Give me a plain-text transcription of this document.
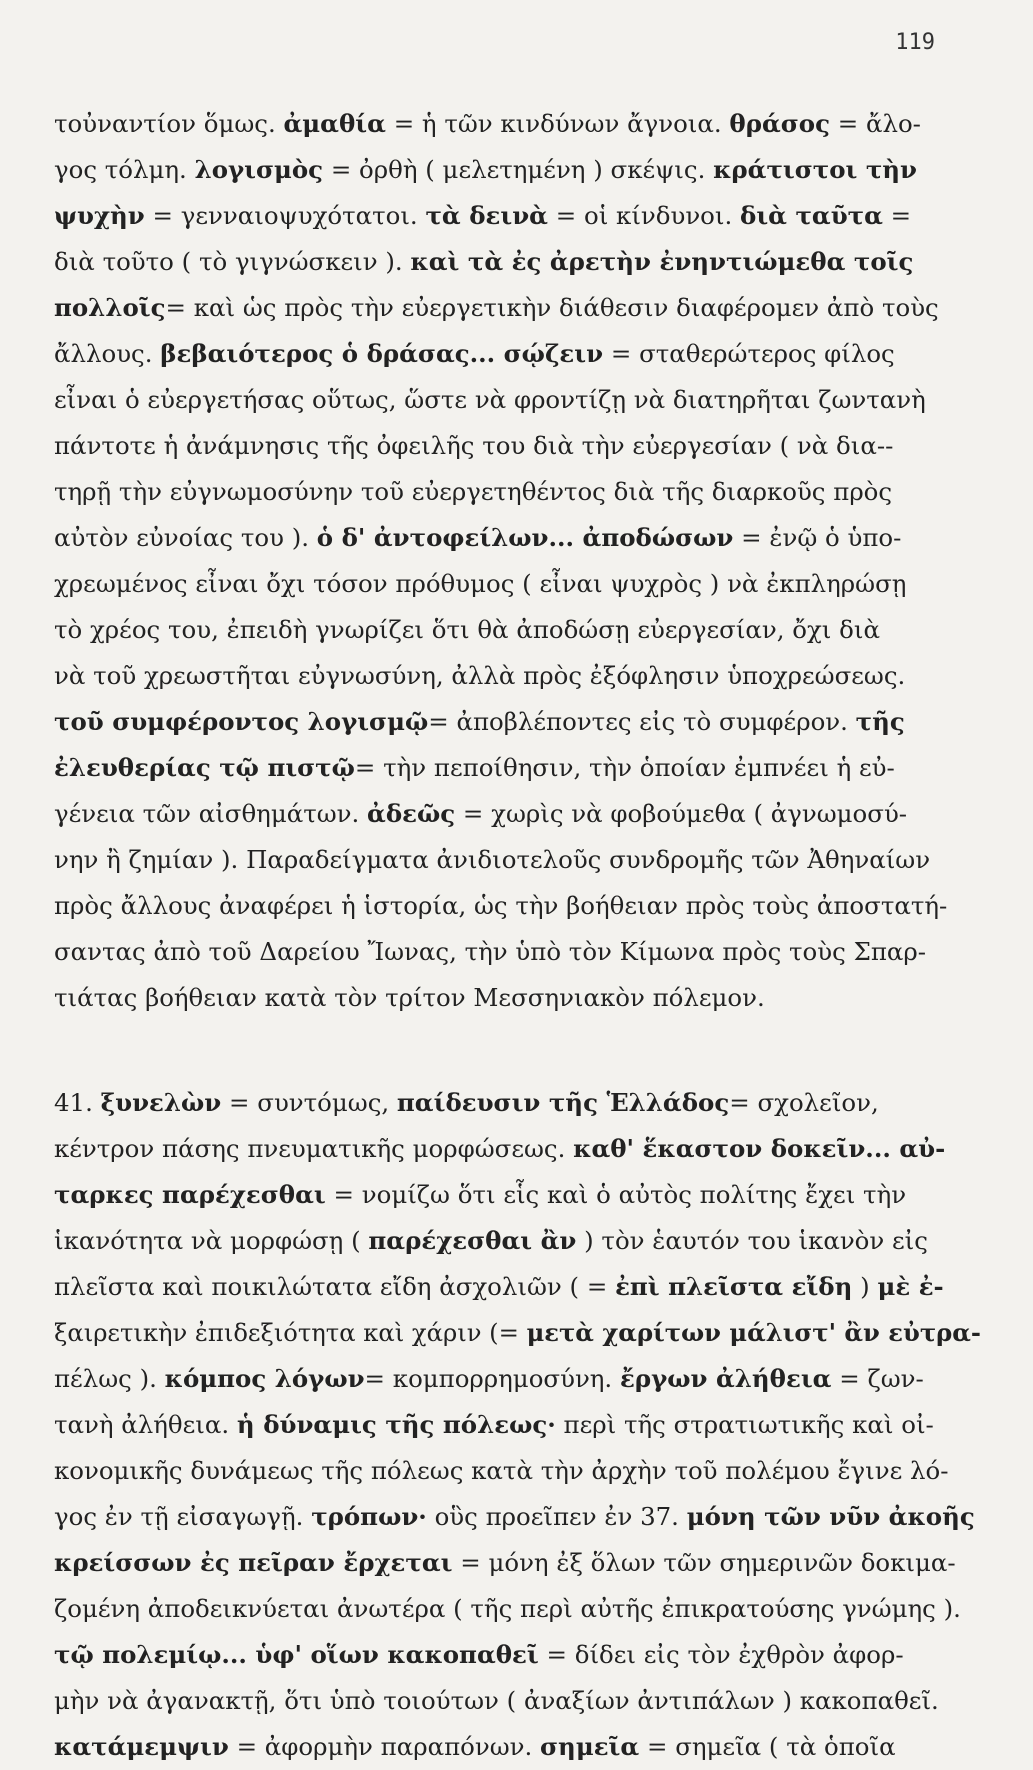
119
τοὐναντίον ὅμως. ἀμαθία = ἡ τῶν κινδύνων ἄγνοια. θράσος = ἄλο-
γος τόλμη. λογισμὸς = ὀρθὴ ( μελετημένη ) σκέψις. κράτιστοι τὴν
ψυχὴν = γενναιοψυχότατοι. τὰ δεινὰ = οἱ κίνδυνοι. διὰ ταῦτα =
διὰ τοῦτο ( τὸ γιγνώσκειν ). καὶ τὰ ἐς ἀρετὴν ἐνηντιώμεθα τοῖς
πολλοῖς= καὶ ὡς πρὸς τὴν εὐεργετικὴν διάθεσιν διαφέρομεν ἀπὸ τοὺς
ἄλλους. βεβαιότερος ὁ δράσας... σῴζειν = σταθερώτερος φίλος
εἶναι ὁ εὐεργετήσας οὕτως, ὥστε νὰ φροντίζῃ νὰ διατηρῆται ζωντανὴ
πάντοτε ἡ ἀνάμνησις τῆς ὀφειλῆς του διὰ τὴν εὐεργεσίαν ( νὰ δια--
τηρῇ τὴν εὐγνωμοσύνην τοῦ εὐεργετηθέντος διὰ τῆς διαρκοῦς πρὸς
αὐτὸν εὐνοίας του ). ὁ δ' ἀντοφείλων... ἀποδώσων = ἐνῷ ὁ ὑπο-
χρεωμένος εἶναι ὄχι τόσον πρόθυμος ( εἶναι ψυχρὸς ) νὰ ἐκπληρώσῃ
τὸ χρέος του, ἐπειδὴ γνωρίζει ὅτι θὰ ἀποδώσῃ εὐεργεσίαν, ὄχι διὰ
νὰ τοῦ χρεωστῆται εὐγνωσύνη, ἀλλὰ πρὸς ἐξόφλησιν ὑποχρεώσεως.
τοῦ συμφέροντος λογισμῷ= ἀποβλέποντες εἰς τὸ συμφέρον. τῆς
ἐλευθερίας τῷ πιστῷ= τὴν πεποίθησιν, τὴν ὁποίαν ἐμπνέει ἡ εὐ-
γένεια τῶν αἰσθημάτων. ἀδεῶς = χωρὶς νὰ φοβούμεθα ( ἀγνωμοσύ-
νην ἢ ζημίαν ). Παραδείγματα ἀνιδιοτελοῦς συνδρομῆς τῶν Ἀθηναίων
πρὸς ἄλλους ἀναφέρει ἡ ἱστορία, ὡς τὴν βοήθειαν πρὸς τοὺς ἀποστατή-
σαντας ἀπὸ τοῦ Δαρείου Ἴωνας, τὴν ὑπὸ τὸν Κίμωνα πρὸς τοὺς Σπαρ-
τιάτας βοήθειαν κατὰ τὸν τρίτον Μεσσηνιακὸν πόλεμον.
41. ξυνελὼν = συντόμως, παίδευσιν τῆς Ἑλλάδος= σχολεῖον,
κέντρον πάσης πνευματικῆς μορφώσεως. καθ' ἕκαστον δοκεῖν... αὐ-
ταρκες παρέχεσθαι = νομίζω ὅτι εἷς καὶ ὁ αὐτὸς πολίτης ἔχει τὴν
ἱκανότητα νὰ μορφώσῃ ( παρέχεσθαι ἂν ) τὸν ἑαυτόν του ἱκανὸν εἰς
πλεῖστα καὶ ποικιλώτατα εἴδη ἀσχολιῶν ( = ἐπὶ πλεῖστα εἴδη ) μὲ ἐ-
ξαιρετικὴν ἐπιδεξιότητα καὶ χάριν (= μετὰ χαρίτων μάλιστ' ἂν εὐτρα-
πέλως ). κόμπος λόγων= κομπορρημοσύνη. ἔργων ἀλήθεια = ζων-
τανὴ ἀλήθεια. ἡ δύναμις τῆς πόλεως· περὶ τῆς στρατιωτικῆς καὶ οἰ-
κονομικῆς δυνάμεως τῆς πόλεως κατὰ τὴν ἀρχὴν τοῦ πολέμου ἔγινε λό-
γος ἐν τῇ εἰσαγωγῇ. τρόπων· οὓς προεῖπεν ἐν 37. μόνη τῶν νῦν ἀκοῆς
κρείσσων ἐς πεῖραν ἔρχεται = μόνη ἐξ ὅλων τῶν σημερινῶν δοκιμα-
ζομένη ἀποδεικνύεται ἀνωτέρα ( τῆς περὶ αὐτῆς ἐπικρατούσης γνώμης ).
τῷ πολεμίῳ... ὑφ' οἵων κακοπαθεῖ = δίδει εἰς τὸν ἐχθρὸν ἀφορ-
μὴν νὰ ἀγανακτῇ, ὅτι ὑπὸ τοιούτων ( ἀναξίων ἀντιπάλων ) κακοπαθεῖ.
κατάμεμψιν = ἀφορμὴν παραπόνων. σημεῖα = σημεῖα ( τὰ ὁποῖα
